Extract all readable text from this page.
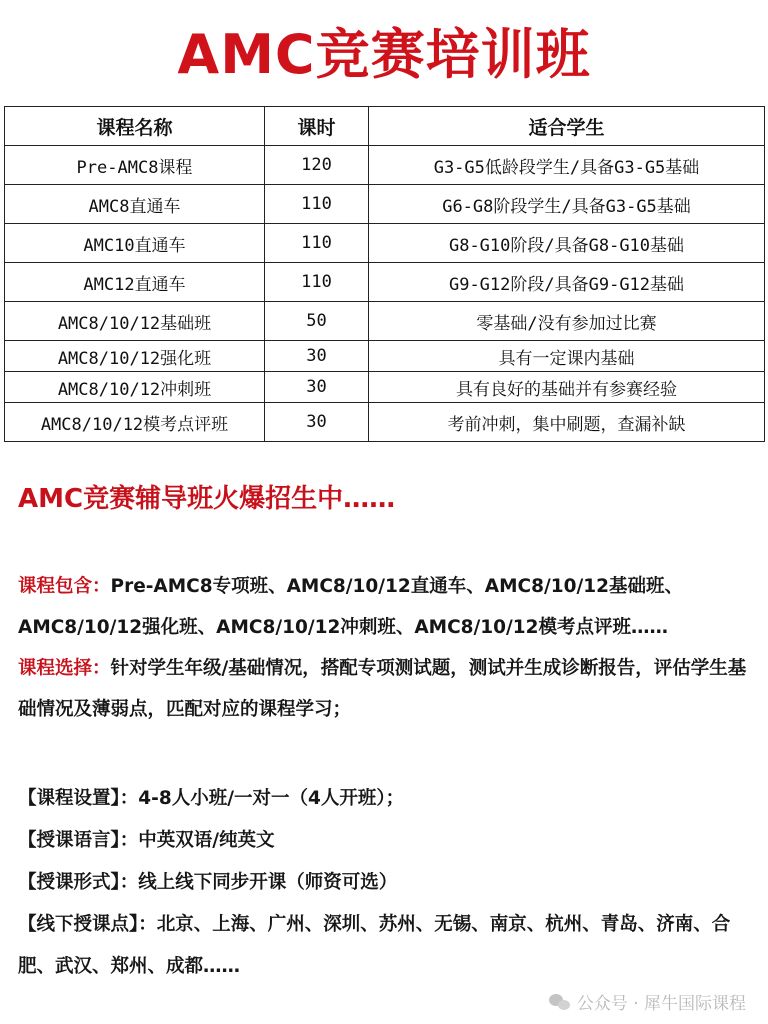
AMC竞赛培训班
课程名称	课时	适合学生
Pre-AMC8课程	120	G3-G5低龄段学生/具备G3-G5基础
AMC8直通车	110	G6-G8阶段学生/具备G3-G5基础
AMC10直通车	110	G8-G10阶段/具备G8-G10基础
AMC12直通车	110	G9-G12阶段/具备G9-G12基础
AMC8/10/12基础班	50	零基础/没有参加过比赛
AMC8/10/12强化班	30	具有一定课内基础
AMC8/10/12冲刺班	30	具有良好的基础并有参赛经验
AMC8/10/12模考点评班	30	考前冲刺，集中刷题，查漏补缺
AMC竞赛辅导班火爆招生中……
课程包含：Pre-AMC8专项班、AMC8/10/12直通车、AMC8/10/12基础班、AMC8/10/12强化班、AMC8/10/12冲刺班、AMC8/10/12模考点评班……
课程选择：针对学生年级/基础情况，搭配专项测试题，测试并生成诊断报告，评估学生基础情况及薄弱点，匹配对应的课程学习；
【课程设置】：4-8人小班/一对一（4人开班）；
【授课语言】：中英双语/纯英文
【授课形式】：线上线下同步开课（师资可选）
【线下授课点】：北京、上海、广州、深圳、苏州、无锡、南京、杭州、青岛、济南、合肥、武汉、郑州、成都……
公众号 · 犀牛国际课程
